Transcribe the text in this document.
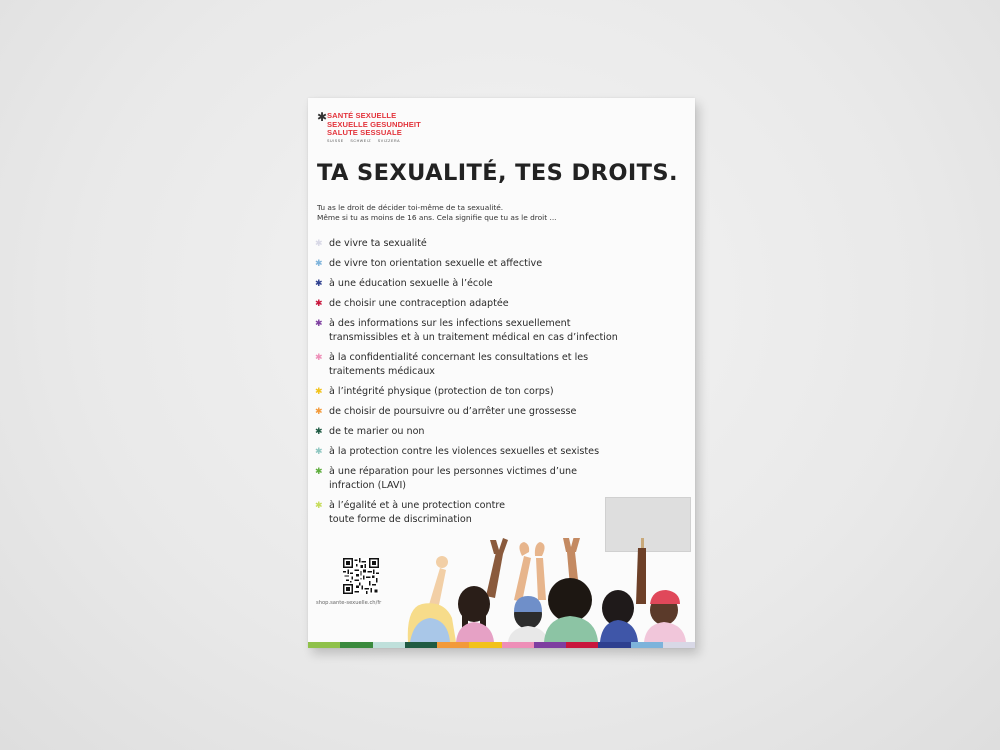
✱ SANTÉ SEXUELLE
SEXUELLE GESUNDHEIT
SALUTE SESSUALE
SUISSE SCHWEIZ SVIZZERA
TA SEXUALITÉ, TES DROITS.
Tu as le droit de décider toi-même de ta sexualité.
Même si tu as moins de 16 ans. Cela signifie que tu as le droit ...
✱ de vivre ta sexualité
✱ de vivre ton orientation sexuelle et affective
✱ à une éducation sexuelle à l’école
✱ de choisir une contraception adaptée
✱ à des informations sur les infections sexuellement
transmissibles et à un traitement médical en cas d’infection
✱ à la confidentialité concernant les consultations et les
traitements médicaux
✱ à l’intégrité physique (protection de ton corps)
✱ de choisir de poursuivre ou d’arrêter une grossesse
✱ de te marier ou non
✱ à la protection contre les violences sexuelles et sexistes
✱ à une réparation pour les personnes victimes d’une
infraction (LAVI)
✱ à l’égalité et à une protection contre
toute forme de discrimination
shop.sante-sexuelle.ch/fr
